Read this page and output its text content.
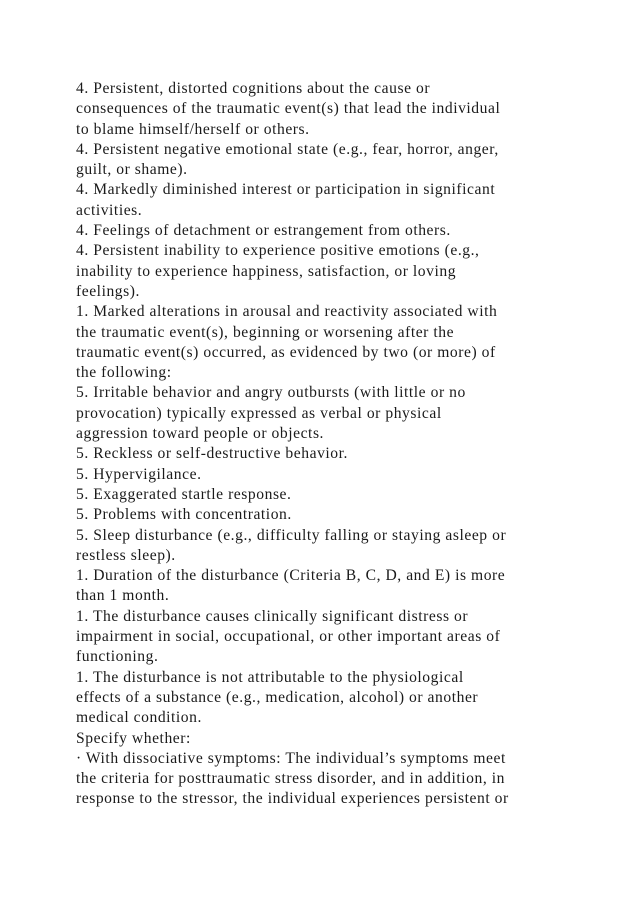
4. Persistent, distorted cognitions about the cause or
consequences of the traumatic event(s) that lead the individual
to blame himself/herself or others.
4. Persistent negative emotional state (e.g., fear, horror, anger,
guilt, or shame).
4. Markedly diminished interest or participation in significant
activities.
4. Feelings of detachment or estrangement from others.
4. Persistent inability to experience positive emotions (e.g.,
inability to experience happiness, satisfaction, or loving
feelings).
1. Marked alterations in arousal and reactivity associated with
the traumatic event(s), beginning or worsening after the
traumatic event(s) occurred, as evidenced by two (or more) of
the following:
5. Irritable behavior and angry outbursts (with little or no
provocation) typically expressed as verbal or physical
aggression toward people or objects.
5. Reckless or self-destructive behavior.
5. Hypervigilance.
5. Exaggerated startle response.
5. Problems with concentration.
5. Sleep disturbance (e.g., difficulty falling or staying asleep or
restless sleep).
1. Duration of the disturbance (Criteria B, C, D, and E) is more
than 1 month.
1. The disturbance causes clinically significant distress or
impairment in social, occupational, or other important areas of
functioning.
1. The disturbance is not attributable to the physiological
effects of a substance (e.g., medication, alcohol) or another
medical condition.
Specify whether:
· With dissociative symptoms: The individual’s symptoms meet
the criteria for posttraumatic stress disorder, and in addition, in
response to the stressor, the individual experiences persistent or
